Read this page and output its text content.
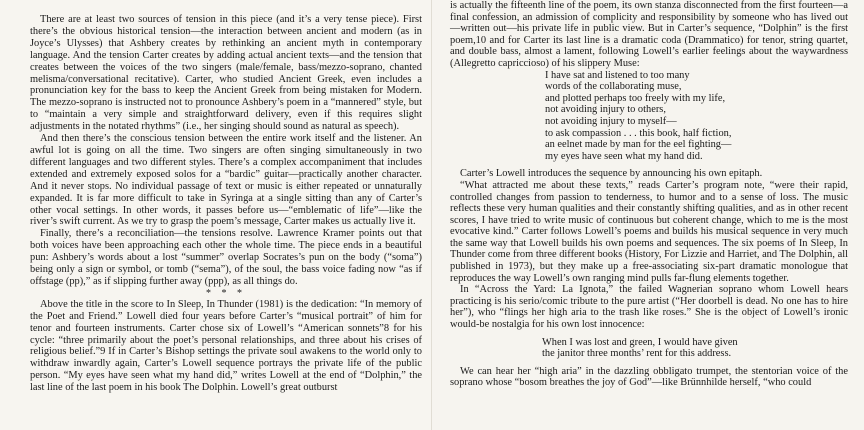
There are at least two sources of tension in this piece (and it’s a very tense piece). First there’s the obvious historical tension—the interaction between ancient and modern (as in Joyce’s Ulysses) that Ashbery creates by rethinking an ancient myth in contemporary language. And the tension Carter creates by adding actual ancient texts—and the tension that creates between the voices of the two singers (male/female, bass/mezzo-soprano, chanted melisma/conversational recitative). Carter, who studied Ancient Greek, even includes a pronunciation key for the bass to keep the Ancient Greek from being mistaken for Modern. The mezzo-soprano is instructed not to pronounce Ashbery’s poem in a “mannered” style, but to “maintain a very simple and straightforward delivery, even if this requires slight adjustments in the notated rhythms” (i.e., her singing should sound as natural as speech).

And then there’s the conscious tension between the entire work itself and the listener. An awful lot is going on all the time. Two singers are often singing simultaneously in two different languages and two different styles. There’s a complex accompaniment that includes extended and extremely exposed solos for a “bardic” guitar—practically another character. And it never stops. No individual passage of text or music is either repeated or unnaturally expanded. It is far more difficult to take in Syringa at a single sitting than any of Carter’s other vocal settings. In other words, it passes before us—“emblematic of life”—like the river’s swift current. As we try to grasp the poem’s message, Carter makes us actually live it.

Finally, there’s a reconciliation—the tensions resolve. Lawrence Kramer points out that both voices have been approaching each other the whole time. The piece ends in a beautiful pun: Ashbery’s words about a lost “summer” overlap Socrates’s pun on the body (“soma”) being only a sign or symbol, or tomb (“sema”), of the soul, the bass voice fading now “as if offstage (pp),” as if slipping further away (ppp), as all things do.

* * *

Above the title in the score to In Sleep, In Thunder (1981) is the dedication: “In memory of the Poet and Friend.” Lowell died four years before Carter’s “musical portrait” of him for tenor and fourteen instruments. Carter chose six of Lowell’s “American sonnets”8 for his cycle: “three primarily about the poet’s personal relationships, and three about his crises of religious belief.”9 If in Carter’s Bishop settings the private soul awakens to the world only to withdraw inwardly again, Carter’s Lowell sequence portrays the private life of the public person. “My eyes have seen what my hand did,” writes Lowell at the end of “Dolphin,” the last line of the last poem in his book The Dolphin. Lowell’s great outburst

is actually the fifteenth line of the poem, its own stanza disconnected from the first fourteen—a final confession, an admission of complicity and responsibility by someone who has lived out—written out—his private life in public view. But in Carter’s sequence, “Dolphin” is the first poem,10 and for Carter its last line is a dramatic coda (Drammatico) for tenor, string quartet, and double bass, almost a lament, following Lowell’s earlier feelings about the waywardness (Allegretto capriccioso) of his slippery Muse:

I have sat and listened to too many
words of the collaborating muse,
and plotted perhaps too freely with my life,
not avoiding injury to others,
not avoiding injury to myself—
to ask compassion . . . this book, half fiction,
an eelnet made by man for the eel fighting—
my eyes have seen what my hand did.

Carter’s Lowell introduces the sequence by announcing his own epitaph.

“What attracted me about these texts,” reads Carter’s program note, “were their rapid, controlled changes from passion to tenderness, to humor and to a sense of loss. The music reflects these very human qualities and their constantly shifting qualities, and as in other recent scores, I have tried to write music of continuous but coherent change, which to me is the most evocative kind.” Carter follows Lowell’s poems and builds his musical sequence in very much the same way that Lowell builds his own poems and sequences. The six poems of In Sleep, In Thunder come from three different books (History, For Lizzie and Harriet, and The Dolphin, all published in 1973), but they make up a free-associating six-part dramatic monologue that reproduces the way Lowell’s own ranging mind pulls far-flung elements together.

In “Across the Yard: La Ignota,” the failed Wagnerian soprano whom Lowell hears practicing is his serio/comic tribute to the pure artist (“Her doorbell is dead. No one has to hire her”), who “flings her high aria to the trash like roses.” She is the object of Lowell’s ironic would-be nostalgia for his own lost innocence:

When I was lost and green, I would have given
the janitor three months’ rent for this address.

We can hear her “high aria” in the dazzling obbligato trumpet, the stentorian voice of the soprano whose “bosom breathes the joy of God”—like Brünnhilde herself, “who could
